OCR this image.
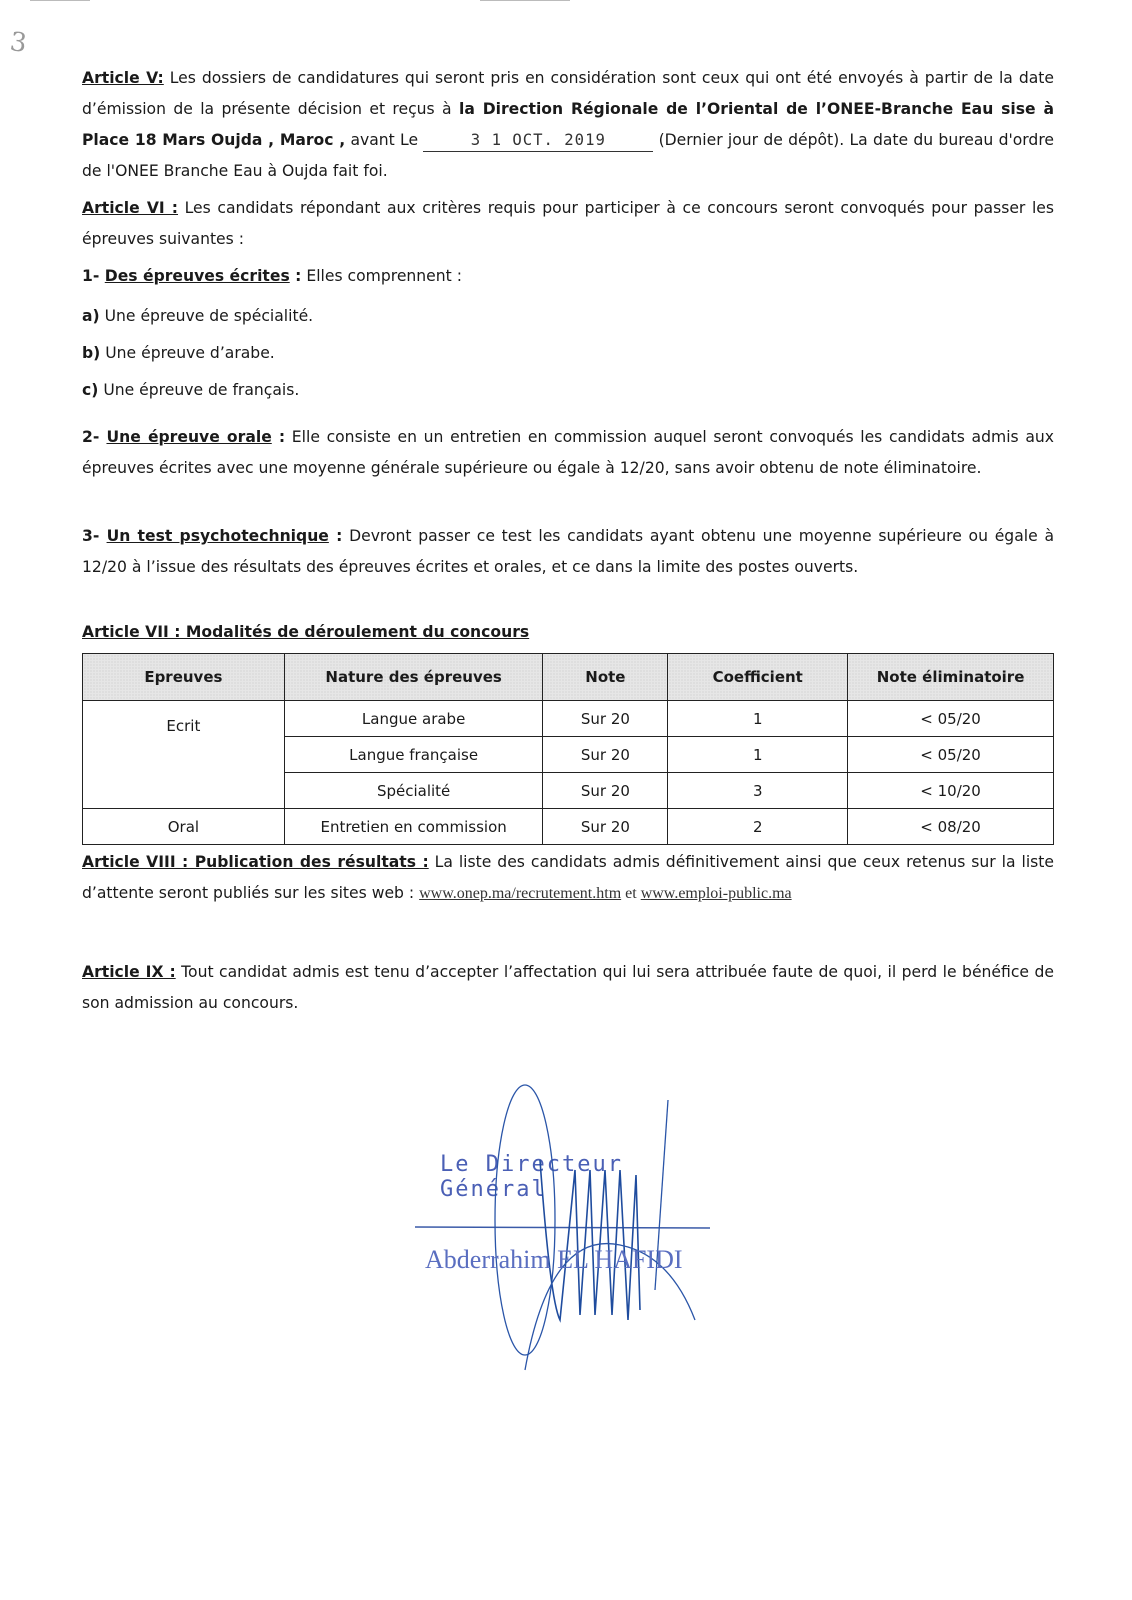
3
Article V: Les dossiers de candidatures qui seront pris en considération sont ceux qui ont été envoyés à partir de la date d’émission de la présente décision et reçus à la Direction Régionale de l’Oriental de l’ONEE-Branche Eau sise à Place 18 Mars Oujda , Maroc , avant Le	3 1 OCT. 2019	(Dernier jour de dépôt). La date du bureau d'ordre de l'ONEE Branche Eau à Oujda fait foi.
Article VI : Les candidats répondant aux critères requis pour participer à ce concours seront convoqués pour passer les épreuves suivantes :
1- Des épreuves écrites : Elles comprennent :
a) Une épreuve de spécialité.
b) Une épreuve d’arabe.
c) Une épreuve de français.
2- Une épreuve orale : Elle consiste en un entretien en commission auquel seront convoqués les candidats admis aux épreuves écrites avec une moyenne générale supérieure ou égale à 12/20, sans avoir obtenu de note éliminatoire.
3- Un test psychotechnique : Devront passer ce test les candidats ayant obtenu une moyenne supérieure ou égale à 12/20 à l’issue des résultats des épreuves écrites et orales, et ce dans la limite des postes ouverts.
Article VII : Modalités de déroulement du concours
Epreuves	Nature des épreuves	Note	Coefficient	Note éliminatoire
Ecrit	Langue arabe	Sur 20	1	< 05/20
	Langue française	Sur 20	1	< 05/20
	Spécialité	Sur 20	3	< 10/20
Oral	Entretien en commission	Sur 20	2	< 08/20
Article VIII : Publication des résultats : La liste des candidats admis définitivement ainsi que ceux retenus sur la liste d’attente seront publiés sur les sites web : www.onep.ma/recrutement.htm et www.emploi-public.ma
Article IX : Tout candidat admis est tenu d’accepter l’affectation qui lui sera attribuée faute de quoi, il perd le bénéfice de son admission au concours.
Le Directeur Général
Abderrahim EL HAFIDI
